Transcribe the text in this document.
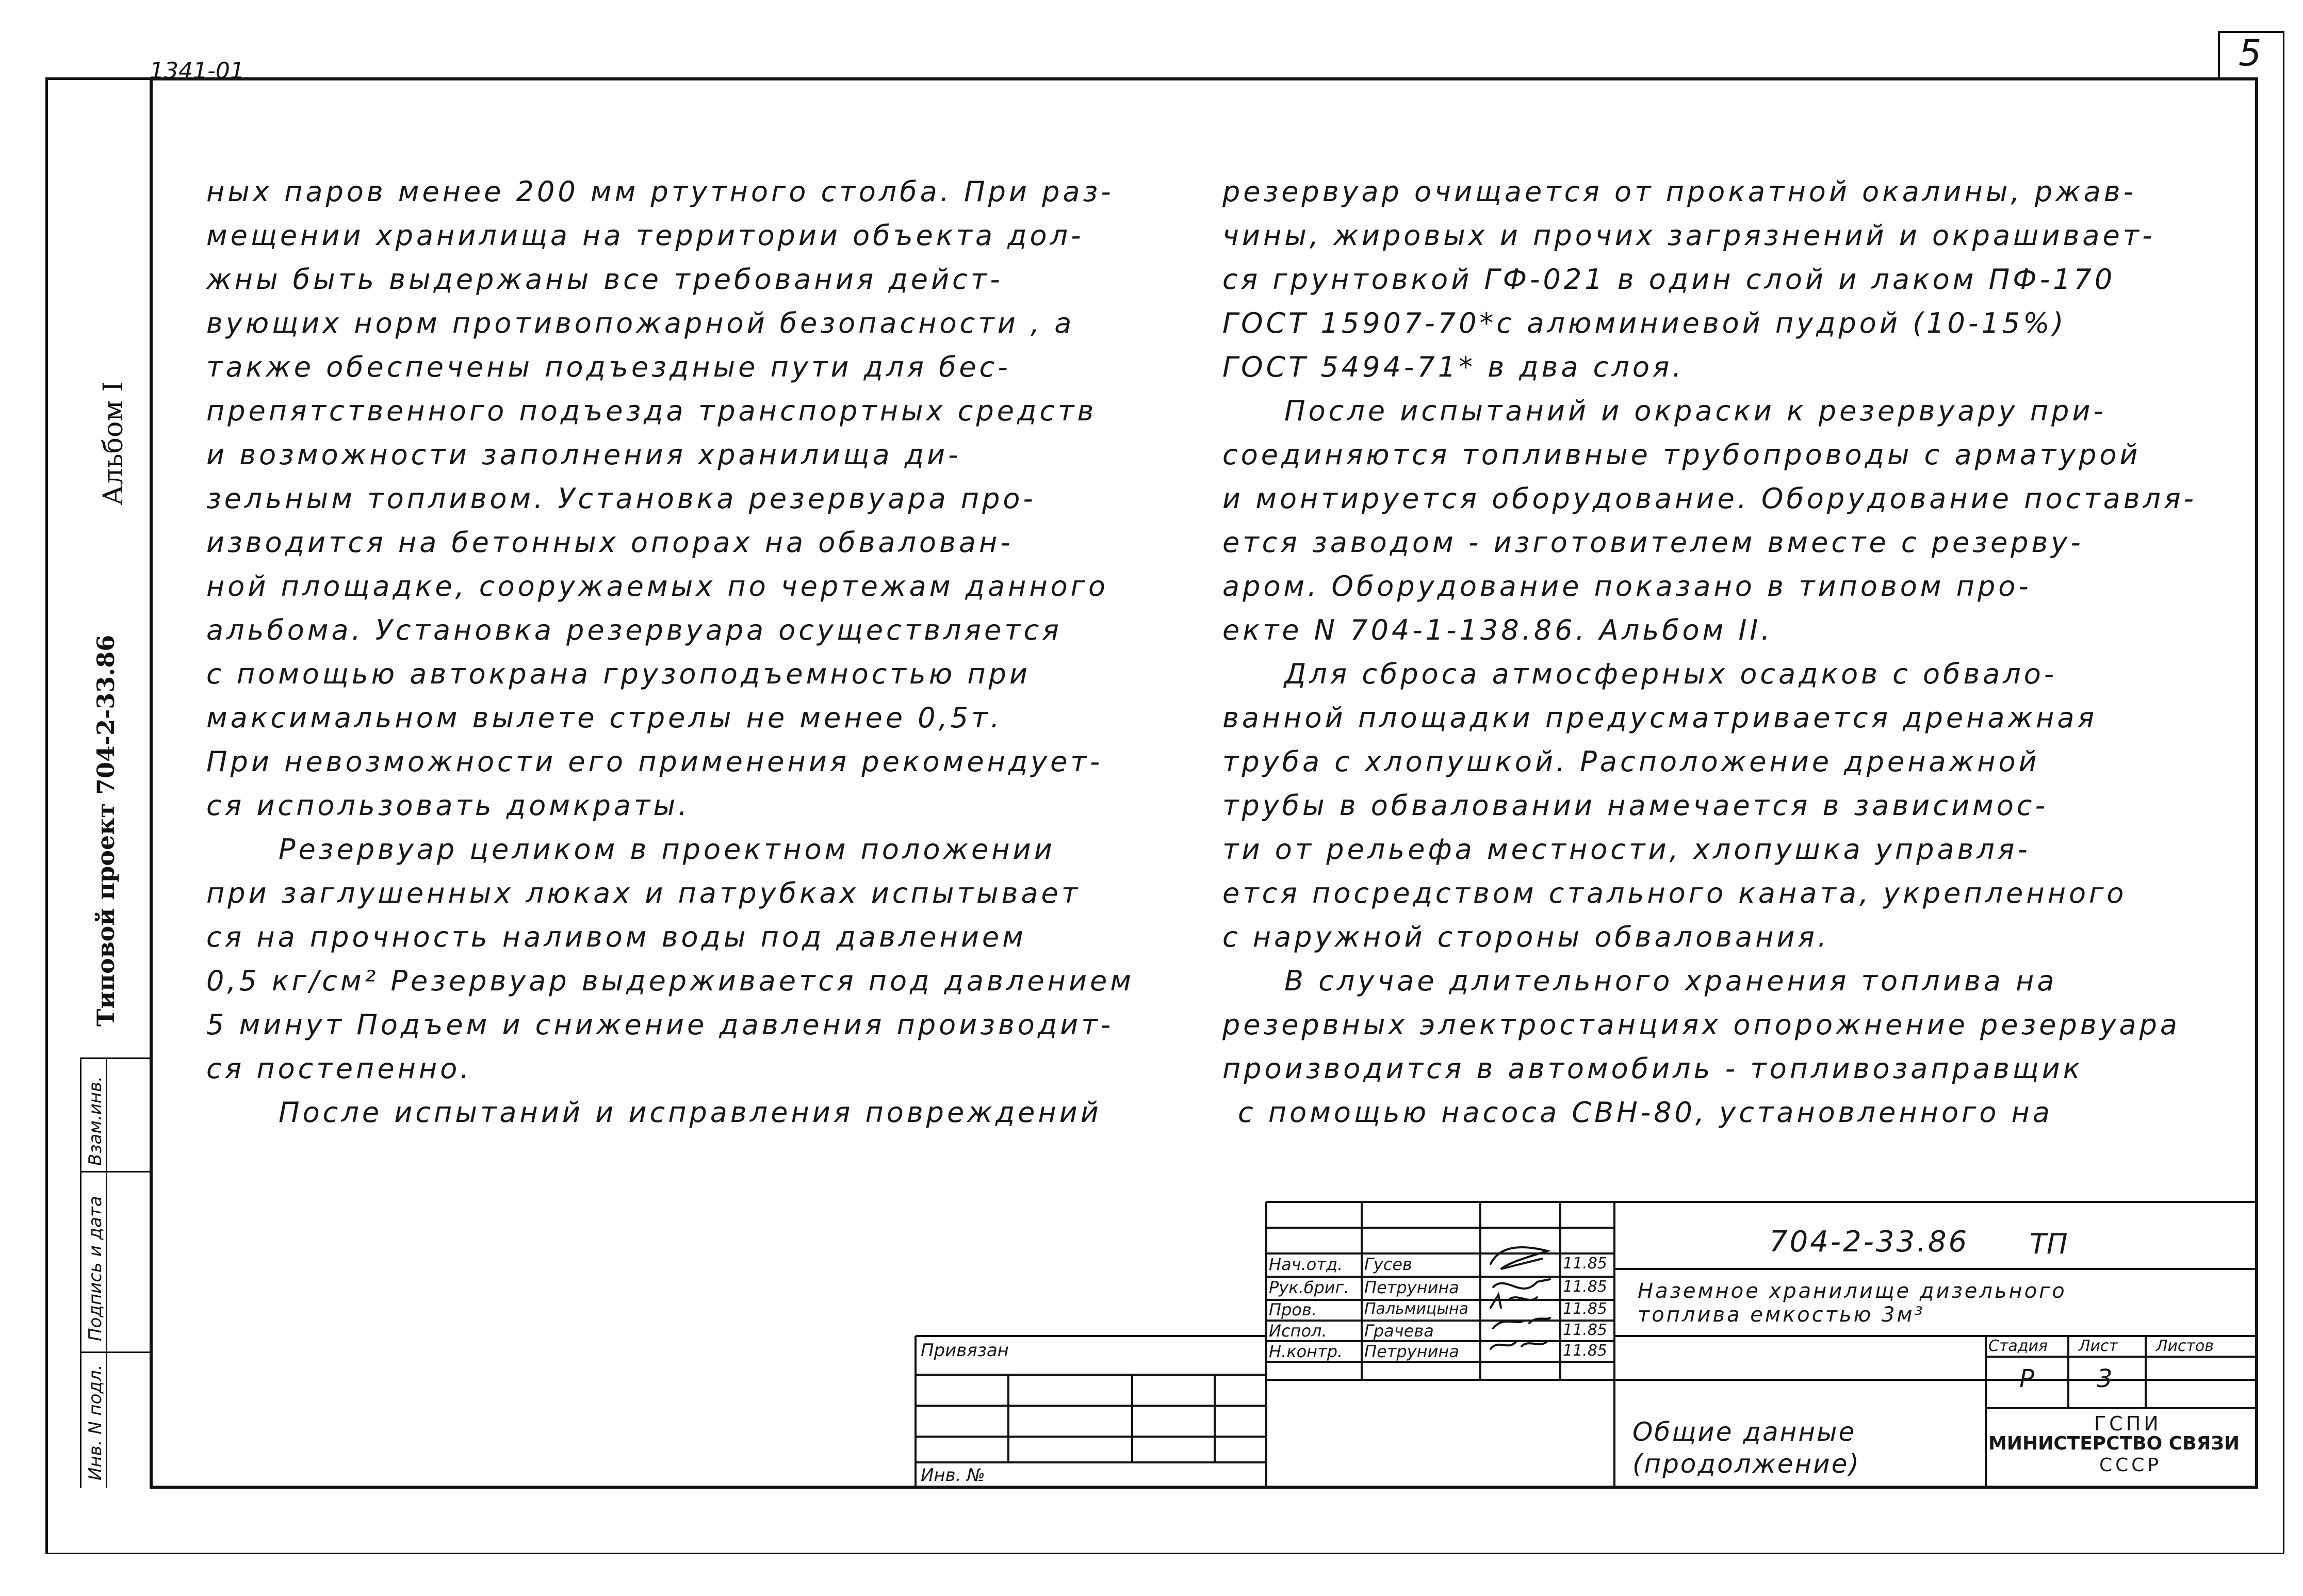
5
1341-01
Альбом I
Типовой проект 704-2-33.86
Взам.инв.
Подпись и дата
Инв. N подл.
ных паров менее 200 мм ртутного столба. При раз-
мещении хранилища на территории объекта дол-
жны быть выдержаны все требования дейст-
вующих норм противопожарной безопасности , а
также обеспечены подъездные пути для бес-
препятственного подъезда транспортных средств
и возможности заполнения хранилища ди-
зельным топливом. Установка резервуара про-
изводится на бетонных опорах на обвалован-
ной площадке, сооружаемых по чертежам данного
альбома. Установка резервуара осуществляется
с помощью автокрана грузоподъемностью при
максимальном вылете стрелы не менее 0,5т.
При невозможности его применения рекомендует-
ся использовать домкраты.
Резервуар целиком в проектном положении
при заглушенных люках и патрубках испытывает
ся на прочность наливом воды под давлением
0,5 кг/см² Резервуар выдерживается под давлением
5 минут Подъем и снижение давления производит-
ся постепенно.
После испытаний и исправления повреждений
резервуар очищается от прокатной окалины, ржав-
чины, жировых и прочих загрязнений и окрашивает-
ся грунтовкой ГФ-021 в один слой и лаком ПФ-170
ГОСТ 15907-70*с алюминиевой пудрой (10-15%)
ГОСТ 5494-71* в два слоя.
После испытаний и окраски к резервуару при-
соединяются топливные трубопроводы с арматурой
и монтируется оборудование. Оборудование поставля-
ется заводом - изготовителем вместе с резерву-
аром. Оборудование показано в типовом про-
екте N 704-1-138.86. Альбом II.
Для сброса атмосферных осадков с обвало-
ванной площадки предусматривается дренажная
труба с хлопушкой. Расположение дренажной
трубы в обваловании намечается в зависимос-
ти от рельефа местности, хлопушка управля-
ется посредством стального каната, укрепленного
с наружной стороны обвалования.
В случае длительного хранения топлива на
резервных электростанциях опорожнение резервуара
производится в автомобиль - топливозаправщик
с помощью насоса СВН-80, установленного на
Нач.отд. Гусев	11.85
Рук.бриг. Петрунина	11.85
Пров.	Пальмицына	11.85
Испол. Грачева	11.85
Н.контр. Петрунина	11.85
704-2-33.86 ТП
Наземное хранилище дизельного топлива емкостью 3м³
Стадия Лист Листов
Р	3
Общие данные (продолжение)
ГСПИ
МИНИСТЕРСТВО СВЯЗИ
СССР
Привязан
Инв. №
